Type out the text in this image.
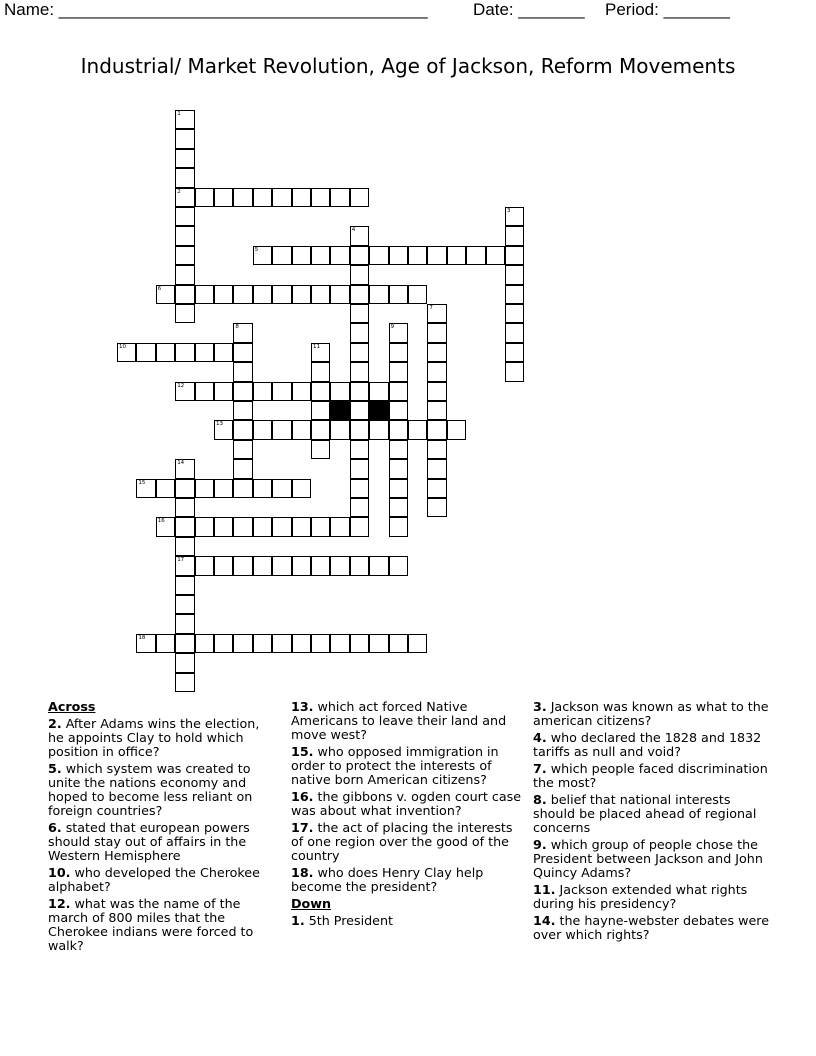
Name: _______________________________________	Date: _______ Period: _______
Industrial/ Market Revolution, Age of Jackson, Reform Movements
1
2
3
4
5
6
7
8	9
10	11
12
13
14
17
15
16
18
Across
2. After Adams wins the election, he appoints Clay to hold which position in office?
5. which system was created to unite the nations economy and hoped to become less reliant on foreign countries?
6. stated that european powers should stay out of affairs in the Western Hemisphere
10. who developed the Cherokee alphabet?
12. what was the name of the march of 800 miles that the Cherokee indians were forced to walk?
13. which act forced Native Americans to leave their land and move west?
15. who opposed immigration in order to protect the interests of native born American citizens?
16. the gibbons v. ogden court case was about what invention?
17. the act of placing the interests of one region over the good of the country
18. who does Henry Clay help become the president?
Down
1. 5th President
3. Jackson was known as what to the american citizens?
4. who declared the 1828 and 1832 tariffs as null and void?
7. which people faced discrimination the most?
8. belief that national interests should be placed ahead of regional concerns
9. which group of people chose the President between Jackson and John Quincy Adams?
11. Jackson extended what rights during his presidency?
14. the hayne-webster debates were over which rights?
